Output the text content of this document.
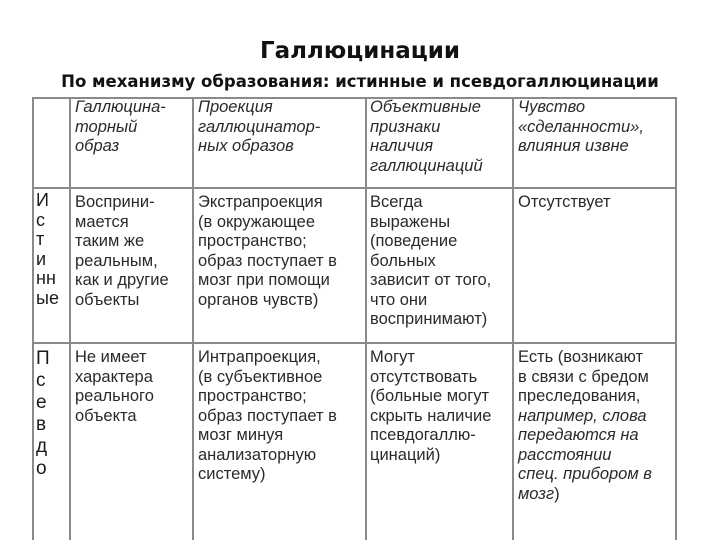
Галлюцинации
По механизму образования: истинные и псевдогаллюцинации
Галлюцина-
торный
образ
Проекция
галлюцинатор-
ных образов
Объективные
признаки
наличия
галлюцинаций
Чувство
«сделанности»,
влияния извне
И
с
т
и
нн
ые
Восприни-
мается
таким же
реальным,
как и другие
объекты
Экстрапроекция
(в окружающее
пространство;
образ поступает в
мозг при помощи
органов чувств)
Всегда
выражены
(поведение
больных
зависит от того,
что они
воспринимают)
Отсутствует
П
с
е
в
д
о
Не имеет
характера
реального
объекта
Интрапроекция,
(в субъективное
пространство;
образ поступает в
мозг минуя
анализаторную
систему)
Могут
отсутствовать
(больные могут
скрыть наличие
псевдогаллю-
цинаций)
Есть (возникают
в связи с бредом
преследования,
например, слова
передаются на
расстоянии
спец. прибором в
мозг)
